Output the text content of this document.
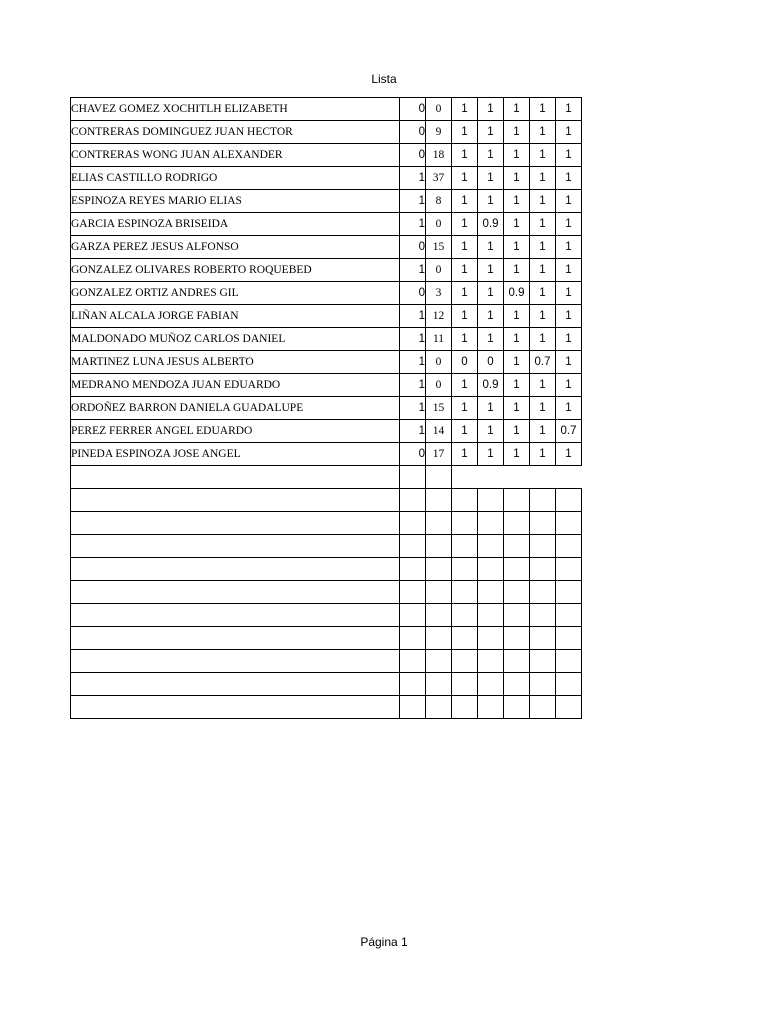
Lista
CHAVEZ GOMEZ XOCHITLH ELIZABETH	0	0	1	1	1	1	1
CONTRERAS DOMINGUEZ JUAN HECTOR	0	9	1	1	1	1	1
CONTRERAS WONG JUAN ALEXANDER	0	18	1	1	1	1	1
ELIAS CASTILLO RODRIGO	1	37	1	1	1	1	1
ESPINOZA REYES MARIO ELIAS	1	8	1	1	1	1	1
GARCIA ESPINOZA BRISEIDA	1	0	1	0.9	1	1	1
GARZA PEREZ JESUS ALFONSO	0	15	1	1	1	1	1
GONZALEZ OLIVARES ROBERTO ROQUEBED	1	0	1	1	1	1	1
GONZALEZ ORTIZ ANDRES GIL	0	3	1	1	0.9	1	1
LIÑAN ALCALA JORGE FABIAN	1	12	1	1	1	1	1
MALDONADO MUÑOZ CARLOS DANIEL	1	11	1	1	1	1	1
MARTINEZ LUNA JESUS ALBERTO	1	0	0	0	1	0.7	1
MEDRANO MENDOZA JUAN EDUARDO	1	0	1	0.9	1	1	1
ORDOÑEZ BARRON DANIELA GUADALUPE	1	15	1	1	1	1	1
PEREZ FERRER ANGEL EDUARDO	1	14	1	1	1	1	0.7
PINEDA ESPINOZA JOSE ANGEL	0	17	1	1	1	1	1

Página 1
